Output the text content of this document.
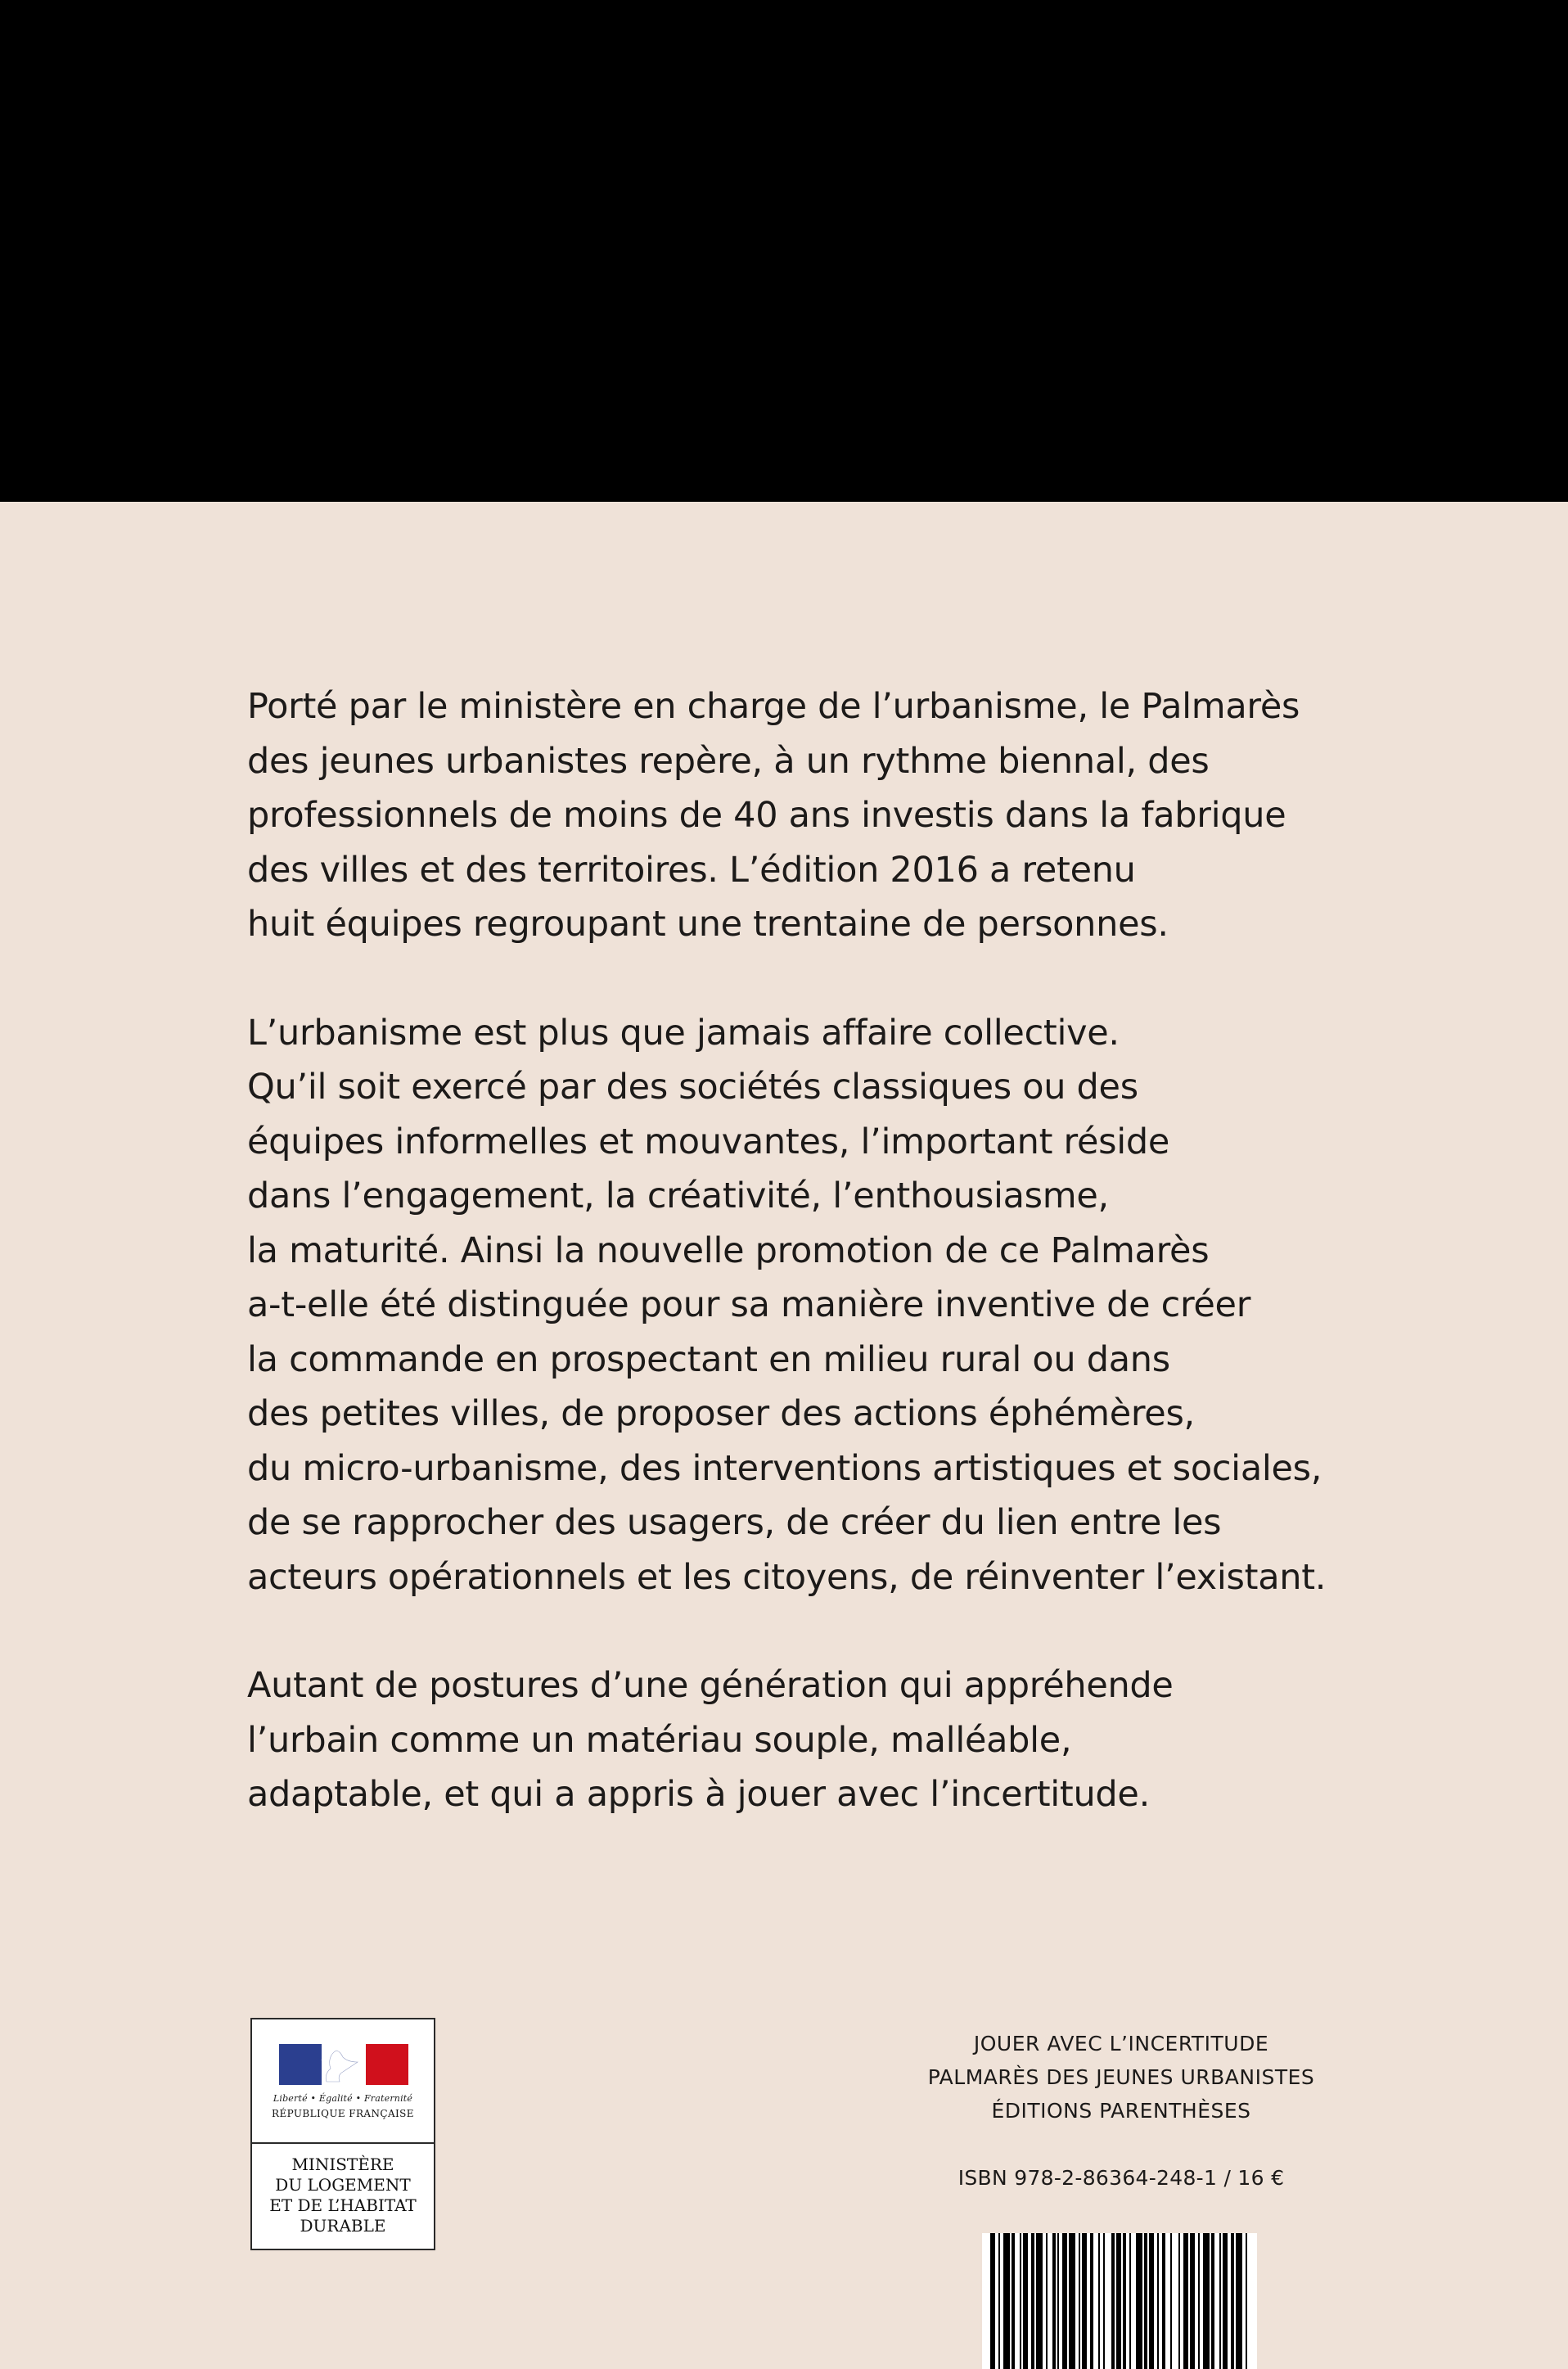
Porté par le ministère en charge de l’urbanisme, le Palmarès
des jeunes urbanistes repère, à un rythme biennal, des
professionnels de moins de 40 ans investis dans la fabrique
des villes et des territoires. L’édition 2016 a retenu
huit équipes regroupant une trentaine de personnes.

L’urbanisme est plus que jamais affaire collective.
Qu’il soit exercé par des sociétés classiques ou des
équipes informelles et mouvantes, l’important réside
dans l’engagement, la créativité, l’enthousiasme,
la maturité. Ainsi la nouvelle promotion de ce Palmarès
a-t-elle été distinguée pour sa manière inventive de créer
la commande en prospectant en milieu rural ou dans
des petites villes, de proposer des actions éphémères,
du micro-urbanisme, des interventions artistiques et sociales,
de se rapprocher des usagers, de créer du lien entre les
acteurs opérationnels et les citoyens, de réinventer l’existant.

Autant de postures d’une génération qui appréhende
l’urbain comme un matériau souple, malléable,
adaptable, et qui a appris à jouer avec l’incertitude.

Liberté • Égalité • Fraternité
RÉPUBLIQUE FRANÇAISE
MINISTÈRE
DU LOGEMENT
ET DE L’HABITAT
DURABLE
JOUER AVEC L’INCERTITUDE
PALMARÈS DES JEUNES URBANISTES
ÉDITIONS PARENTHÈSES
ISBN 978-2-86364-248-1 / 16 €
